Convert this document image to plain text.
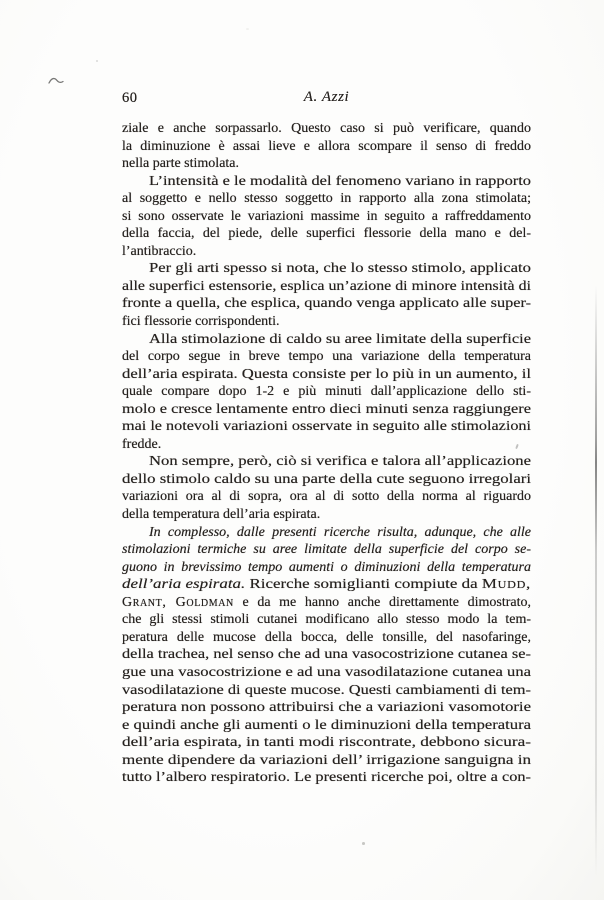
60	A. Azzi
ziale e anche sorpassarlo. Questo caso si può verificare, quando
la diminuzione è assai lieve e allora scompare il senso di freddo
nella parte stimolata.
L’intensità e le modalità del fenomeno variano in rapporto
al soggetto e nello stesso soggetto in rapporto alla zona stimolata;
si sono osservate le variazioni massime in seguito a raffreddamento
della faccia, del piede, delle superfici flessorie della mano e del-
l’antibraccio.
Per gli arti spesso si nota, che lo stesso stimolo, applicato
alle superfici estensorie, esplica un’azione di minore intensità di
fronte a quella, che esplica, quando venga applicato alle super-
fici flessorie corrispondenti.
Alla stimolazione di caldo su aree limitate della superficie
del corpo segue in breve tempo una variazione della temperatura
dell’aria espirata. Questa consiste per lo più in un aumento, il
quale compare dopo 1-2 e più minuti dall’applicazione dello sti-
molo e cresce lentamente entro dieci minuti senza raggiungere
mai le notevoli variazioni osservate in seguito alle stimolazioni
fredde.
Non sempre, però, ciò si verifica e talora all’applicazione
dello stimolo caldo su una parte della cute seguono irregolari
variazioni ora al di sopra, ora al di sotto della norma al riguardo
della temperatura dell’aria espirata.
In complesso, dalle presenti ricerche risulta, adunque, che alle
stimolazioni termiche su aree limitate della superficie del corpo se-
guono in brevissimo tempo aumenti o diminuzioni della temperatura
dell’aria espirata. Ricerche somiglianti compiute da Mudd,
Grant, Goldman e da me hanno anche direttamente dimostrato,
che gli stessi stimoli cutanei modificano allo stesso modo la tem-
peratura delle mucose della bocca, delle tonsille, del nasofaringe,
della trachea, nel senso che ad una vasocostrizione cutanea se-
gue una vasocostrizione e ad una vasodilatazione cutanea una
vasodilatazione di queste mucose. Questi cambiamenti di tem-
peratura non possono attribuirsi che a variazioni vasomotorie
e quindi anche gli aumenti o le diminuzioni della temperatura
dell’aria espirata, in tanti modi riscontrate, debbono sicura-
mente dipendere da variazioni dell’ irrigazione sanguigna in
tutto l’albero respiratorio. Le presenti ricerche poi, oltre a con-
